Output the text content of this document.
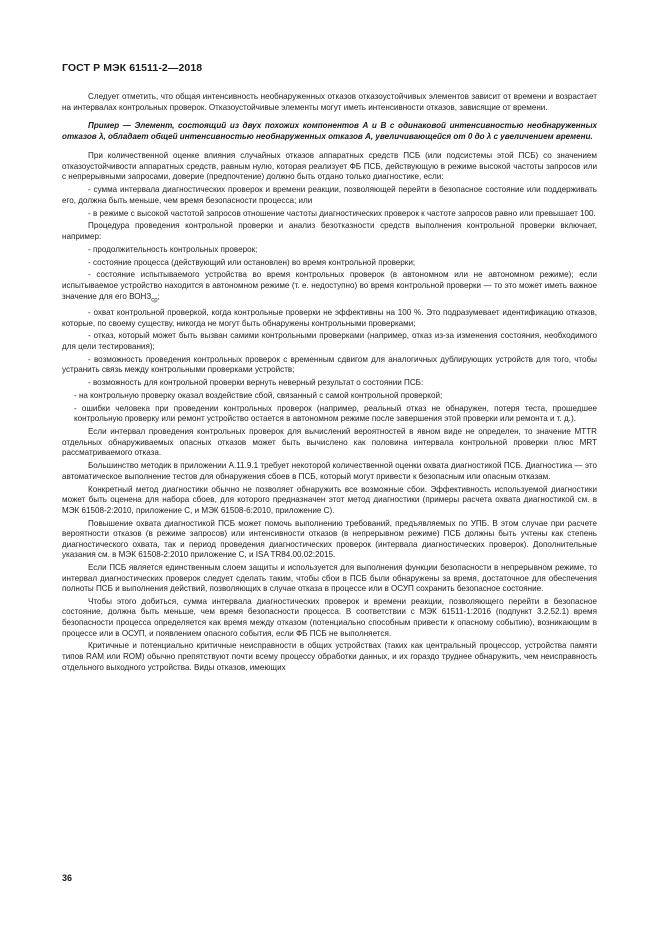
ГОСТ Р МЭК 61511-2—2018

Следует отметить, что общая интенсивность необнаруженных отказов отказоустойчивых элементов зависит от времени и возрастает на интервалах контрольных проверок. Отказоустойчивые элементы могут иметь интенсивности отказов, зависящие от времени.

Пример — Элемент, состоящий из двух похожих компонентов А и В с одинаковой интенсивностью необнаруженных отказов λ, обладает общей интенсивностью необнаруженных отказов А, увеличивающейся от 0 до λ с увеличением времени.

При количественной оценке влияния случайных отказов аппаратных средств ПСБ (или подсистемы этой ПСБ) со значением отказоустойчивости аппаратных средств, равным нулю, которая реализует ФБ ПСБ, действующую в режиме высокой частоты запросов или с непрерывными запросами, доверие (предпочтение) должно быть отдано только диагностике, если:

- сумма интервала диагностических проверок и времени реакции, позволяющей перейти в безопасное состояние или поддерживать его, должна быть меньше, чем время безопасности процесса; или

- в режиме с высокой частотой запросов отношение частоты диагностических проверок к частоте запросов равно или превышает 100.

Процедура проведения контрольной проверки и анализ безотказности средств выполнения контрольной проверки включает, например:

- продолжительность контрольных проверок;

- состояние процесса (действующий или остановлен) во время контрольной проверки;

- состояние испытываемого устройства во время контрольных проверок (в автономном или не автономном режиме); если испытываемое устройство находится в автономном режиме (т. е. недоступно) во время контрольной проверки — то это может иметь важное значение для его $ВОНЗ_{ср}$;

- охват контрольной проверкой, когда контрольные проверки не эффективны на 100 %. Это подразумевает идентификацию отказов, которые, по своему существу, никогда не могут быть обнаружены контрольными проверками;

- отказ, который может быть вызван самими контрольными проверками (например, отказ из-за изменения состояния, необходимого для цели тестирования);

- возможность проведения контрольных проверок с временным сдвигом для аналогичных дублирующих устройств для того, чтобы устранить связь между контрольными проверками устройств;

- возможность для контрольной проверки вернуть неверный результат о состоянии ПСБ:

- на контрольную проверку оказал воздействие сбой, связанный с самой контрольной проверкой;

- ошибки человека при проведении контрольных проверок (например, реальный отказ не обнаружен, потеря теста, прошедшее контрольную проверку или ремонт устройство остается в автономном режиме после завершения этой проверки или ремонта и т. д.).

Если интервал проведения контрольных проверок для вычислений вероятностей в явном виде не определен, то значение MTTR отдельных обнаруживаемых опасных отказов может быть вычислено как половина интервала контрольной проверки плюс MRT рассматриваемого отказа.

Большинство методик в приложении А.11.9.1 требует некоторой количественной оценки охвата диагностикой ПСБ. Диагностика — это автоматическое выполнение тестов для обнаружения сбоев в ПСБ, который могут привести к безопасным или опасным отказам.

Конкретный метод диагностики обычно не позволяет обнаружить все возможные сбои. Эффективность используемой диагностики может быть оценена для набора сбоев, для которого предназначен этот метод диагностики (примеры расчета охвата диагностикой см. в МЭК 61508-2:2010, приложение С, и МЭК 61508-6:2010, приложение С).

Повышение охвата диагностикой ПСБ может помочь выполнению требований, предъявляемых по УПБ. В этом случае при расчете вероятности отказов (в режиме запросов) или интенсивности отказов (в непрерывном режиме) ПСБ должны быть учтены как степень диагностического охвата, так и период проведения диагностических проверок (интервала диагностических проверок). Дополнительные указания см. в МЭК 61508-2:2010 приложение С, и ISA TR84.00.02:2015.

Если ПСБ является единственным слоем защиты и используется для выполнения функции безопасности в непрерывном режиме, то интервал диагностических проверок следует сделать таким, чтобы сбои в ПСБ были обнаружены за время, достаточное для обеспечения полноты ПСБ и выполнения действий, позволяющих в случае отказа в процессе или в ОСУП сохранить безопасное состояние.

Чтобы этого добиться, сумма интервала диагностических проверок и времени реакции, позволяющего перейти в безопасное состояние, должна быть меньше, чем время безопасности процесса. В соответствии с МЭК 61511-1:2016 (подпункт 3.2.52.1) время безопасности процесса определяется как время между отказом (потенциально способным привести к опасному событию), возникающим в процессе или в ОСУП, и появлением опасного события, если ФБ ПСБ не выполняется.

Критичные и потенциально критичные неисправности в общих устройствах (таких как центральный процессор, устройства памяти типов RAM или ROM) обычно препятствуют почти всему процессу обработки данных, и их гораздо труднее обнаружить, чем неисправность отдельного выходного устройства. Виды отказов, имеющих

36
